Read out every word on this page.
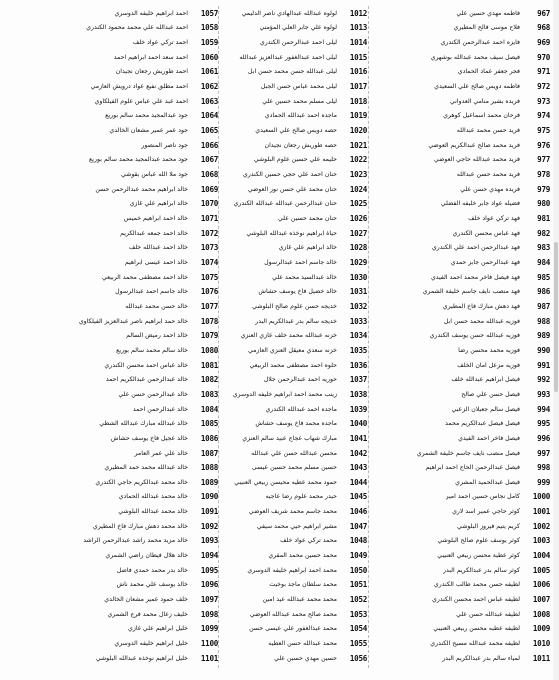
967
فاطمه مهدي حسين علي
968
فلاح موسى فالح المطيري
969
فايزه احمد عبدالرحمن الكندري
970
فيصل سيف محمد عبدالله بوشهري
971
فجر جعفر عماد الحمادي
972
فاطمه دويس صالح علي السعيدي
973
فريده بشير منامي العدواني
974
فرحان محمد اسماعيل كوهري
975
فريد حسن محمد عبدالله
976
فريد محمد صالح عبدالكريم العوضي
977
فريد محمد عبدالله حاجي العوضي
978
فريد محمد حسن عبدالله
979
فريده مهدي حسن علي
980
فضيله عواد جابر خليفه الفضلي
981
فهد تركي عواد خلف
982
فهد عباس محسن الكندري
983
فهد عبدالرحمن احمد علي الكندري
984
فهد عبدالرحمن جابر حمدي
985
فهد فيصل فاخر محمد احمد الفيدي
986
فهد منصب نايف جاسم خليفة الشمري
987
فهد دهش مبارك فاخ المطيري
988
فوزيه عبدالله محمد حسن ابل
989
فوزيه عبدالله حسن يوسف الكندري
990
فوزيه محمد محسن رضا
991
فوزيه مزعل امان الخلف
992
فيصل ابراهيم عبدالله خلف
993
فيصل حسن علي صالح
994
فيصل سالم جعيلان الزعبي
995
فيصل فيصل عبدالكريم محمد
996
فيصل فاخر احمد الفيدي
997
فيصل منصب نايف جاسم خليفة الشمري
998
فيصل عبدالرحمن الحاج احمد ابراهيم
999
فيصل عبدالحميد المشري
1000
كامل نجاس حسين احمد امير
1001
كوثر حاجي عمير اسد لاري
1002
كريم يتيم فيروز البلوشي
1003
كوثر يوسف علوم صالح البلوشي
1004
كوثر عطية محسن ربيعي العنيبي
1005
كوثر سالم بدر عبدالكريم البدر
1006
لطيفه حسن محمد طالب الكندري
1007
لطيفه عباس احمد محسن الكندري
1008
لطيفه عبدالله حسن علي
1009
لطيفه عطيه محسن ربيعي العنيبي
1010
لطيفه محمد عبدالله مسيح الكندري
1011
لمياء سالم بدر عبدالكريم البدر
1012
لولوه عبدالله عبدالهادي ناصر الدليمي
1013
لولوه علي جابر العلي المؤمني
1014
ليلى احمد عبدالرحمن الكندري
1015
ليلى احمد عبدالغفور عبدالعزيز عبدالله
1016
ليلى عبدالله حسن محمد حسن ابل
1017
ليلى محمد عباس حسن الجبل
1018
ليلى مسلم محمد حسين علي
1019
ماجده احمد عبدالله الحمادي
1020
حصه دويس صالح علي السعيدي
1021
حصه طوريش رجعان نجيدان
1022
حليمه علي حسين علوم البلوشي
1023
حنان احمد علي حجي حسين الكندري
1024
حنان محمد علي حسن نور العوضي
1025
حنان عبدالرحمن عبدالله عبدالله الكندري
1026
حنان محمد حسين علي
1027
حياة ابراهيم نوخذه عبدالله البلوشي
1028
خالد ابراهيم علي غازي
1029
خالد جاسم احمد عبدالرسول
1030
خالد عبدالسيد محمد علي
1031
خالد خضيل فاخ يوسف حشاش
1032
خديجه حسن علوم صالح البلوشي
1033
خديجه سالم بدر عبدالكريم البدر
1034
خزنه عبدالله محمد خلف عازي العنزي
1035
خزنه سعدي معيقل العنزي العازمي
1036
حلوه احمد مصطفى محمد الربيعي
1037
حوريه احمد عبدالرحمن جلال
1038
زينب محمد احمد ابراهيم خليفه الدوسري
1039
ماجده احمد عبدالله الكندري
1040
ماجده محمد فاخ يوسف حشاش
1041
مبارك شهاب عجاج عبيد سالم العنزي
1042
محسن عبدالله حسن علي عبدالله
1043
حسين مسلم محمد حسين عيسى
1044
حمود محمد عطيه محيسن ربيعي العنيبي
1045
حيدر محمد علوم رضا عاجيه
1046
محمد جاسم محمد شريف العوضي
1047
مشير ابراهيم حيي محمد سيفي
1048
محمد تركي عواد خلف
1049
محمد حسين محمد المقري
1050
محمد احمد ابراهيم خليفه الدوسري
1051
محمد سلطان ماجد بوخيت
1052
محمد محمد عبدالله عيد امين
1053
محمد صالح محمد عبدالله العوضي
1054
محمد عبدالغفور علي عيسى حسن
1055
محمد عبدالله حسن العطيه
1056
حسين مهدي حسين علي
1057
احمد ابراهيم خليفه الدوسري
1058
احمد عبدالله علي محمد محمود الكندري
1059
احمد تركي عواد خلف
1060
احمد سعد احمد ابراهيم احمد
1061
احمد طوريش رجعان نجيدان
1062
احمد مطلق نفيع عواد درويش العازمي
1063
احمد عبد علي عباس علوم الفيلكاوي
1064
جود عبدالمجيد محمد سالم بوريع
1065
جود عمر عمير مشعان الخالدي
1066
جود ناصر المنصور
1067
جود محمد عبدالمجيد محمد سالم بوريع
1068
جود ملا الله عباس بقوشي
1069
خالد ابراهيم محمد عبدالرحمن حسن
1070
خالد ابراهيم علي غازي
1071
خالد احمد ابراهيم خميس
1072
خالد احمد جمعه عبدالكريم
1073
خالد احمد عبدالله خلف
1074
خالد احمد عيسى ابراهيم
1075
خالد احمد مصطفى محمد الربيعي
1076
خالد جاسم احمد عبدالرسول
1077
خالد حسن محمد عبدالله
1078
خالد حمد ابراهيم ناصر عبدالعزيز الفيلكاوي
1079
خالد احمد رميض السالم
1080
خالد سالم محمد سالم بوريع
1081
خالد عباس احمد محسن الكندري
1082
خالد عبدالرحمن عبدالكريم احمد
1083
خالد عبدالرحمن حسن علي
1084
خالد عبدالرحمن احمد
1085
خالد عبدالله مبارك عبدالله الشطي
1086
خالد عجيل فاخ يوسف حشاش
1087
خالد علي عمر العامر
1088
خالد عبدالله محمد حمد المطيري
1089
خالد محمد عبدالكريم حاجي الكندري
1090
خالد محمد عبدالله الحمادي
1091
خالد محمد عبدالله البلوشي
1092
خالد محمد دهش مبارك فاخ المطيري
1093
خالد مزيد محمد راشد عبدالرحمن الراشد
1094
خالد هلال فيطان راضي الشمري
1095
خالد بدر محمد حمدي فاضل
1096
خالد يوسف علي محمد ناش
1097
خلف حمود عمير مشعان الخالدي
1098
خليف زعال محمد فرج الشمري
1099
خليل ابراهيم علي غازي
1100
خليل ابراهيم خليفه الدوسري
1101
خليل ابراهيم نوخذه عبدالله البلوشي
